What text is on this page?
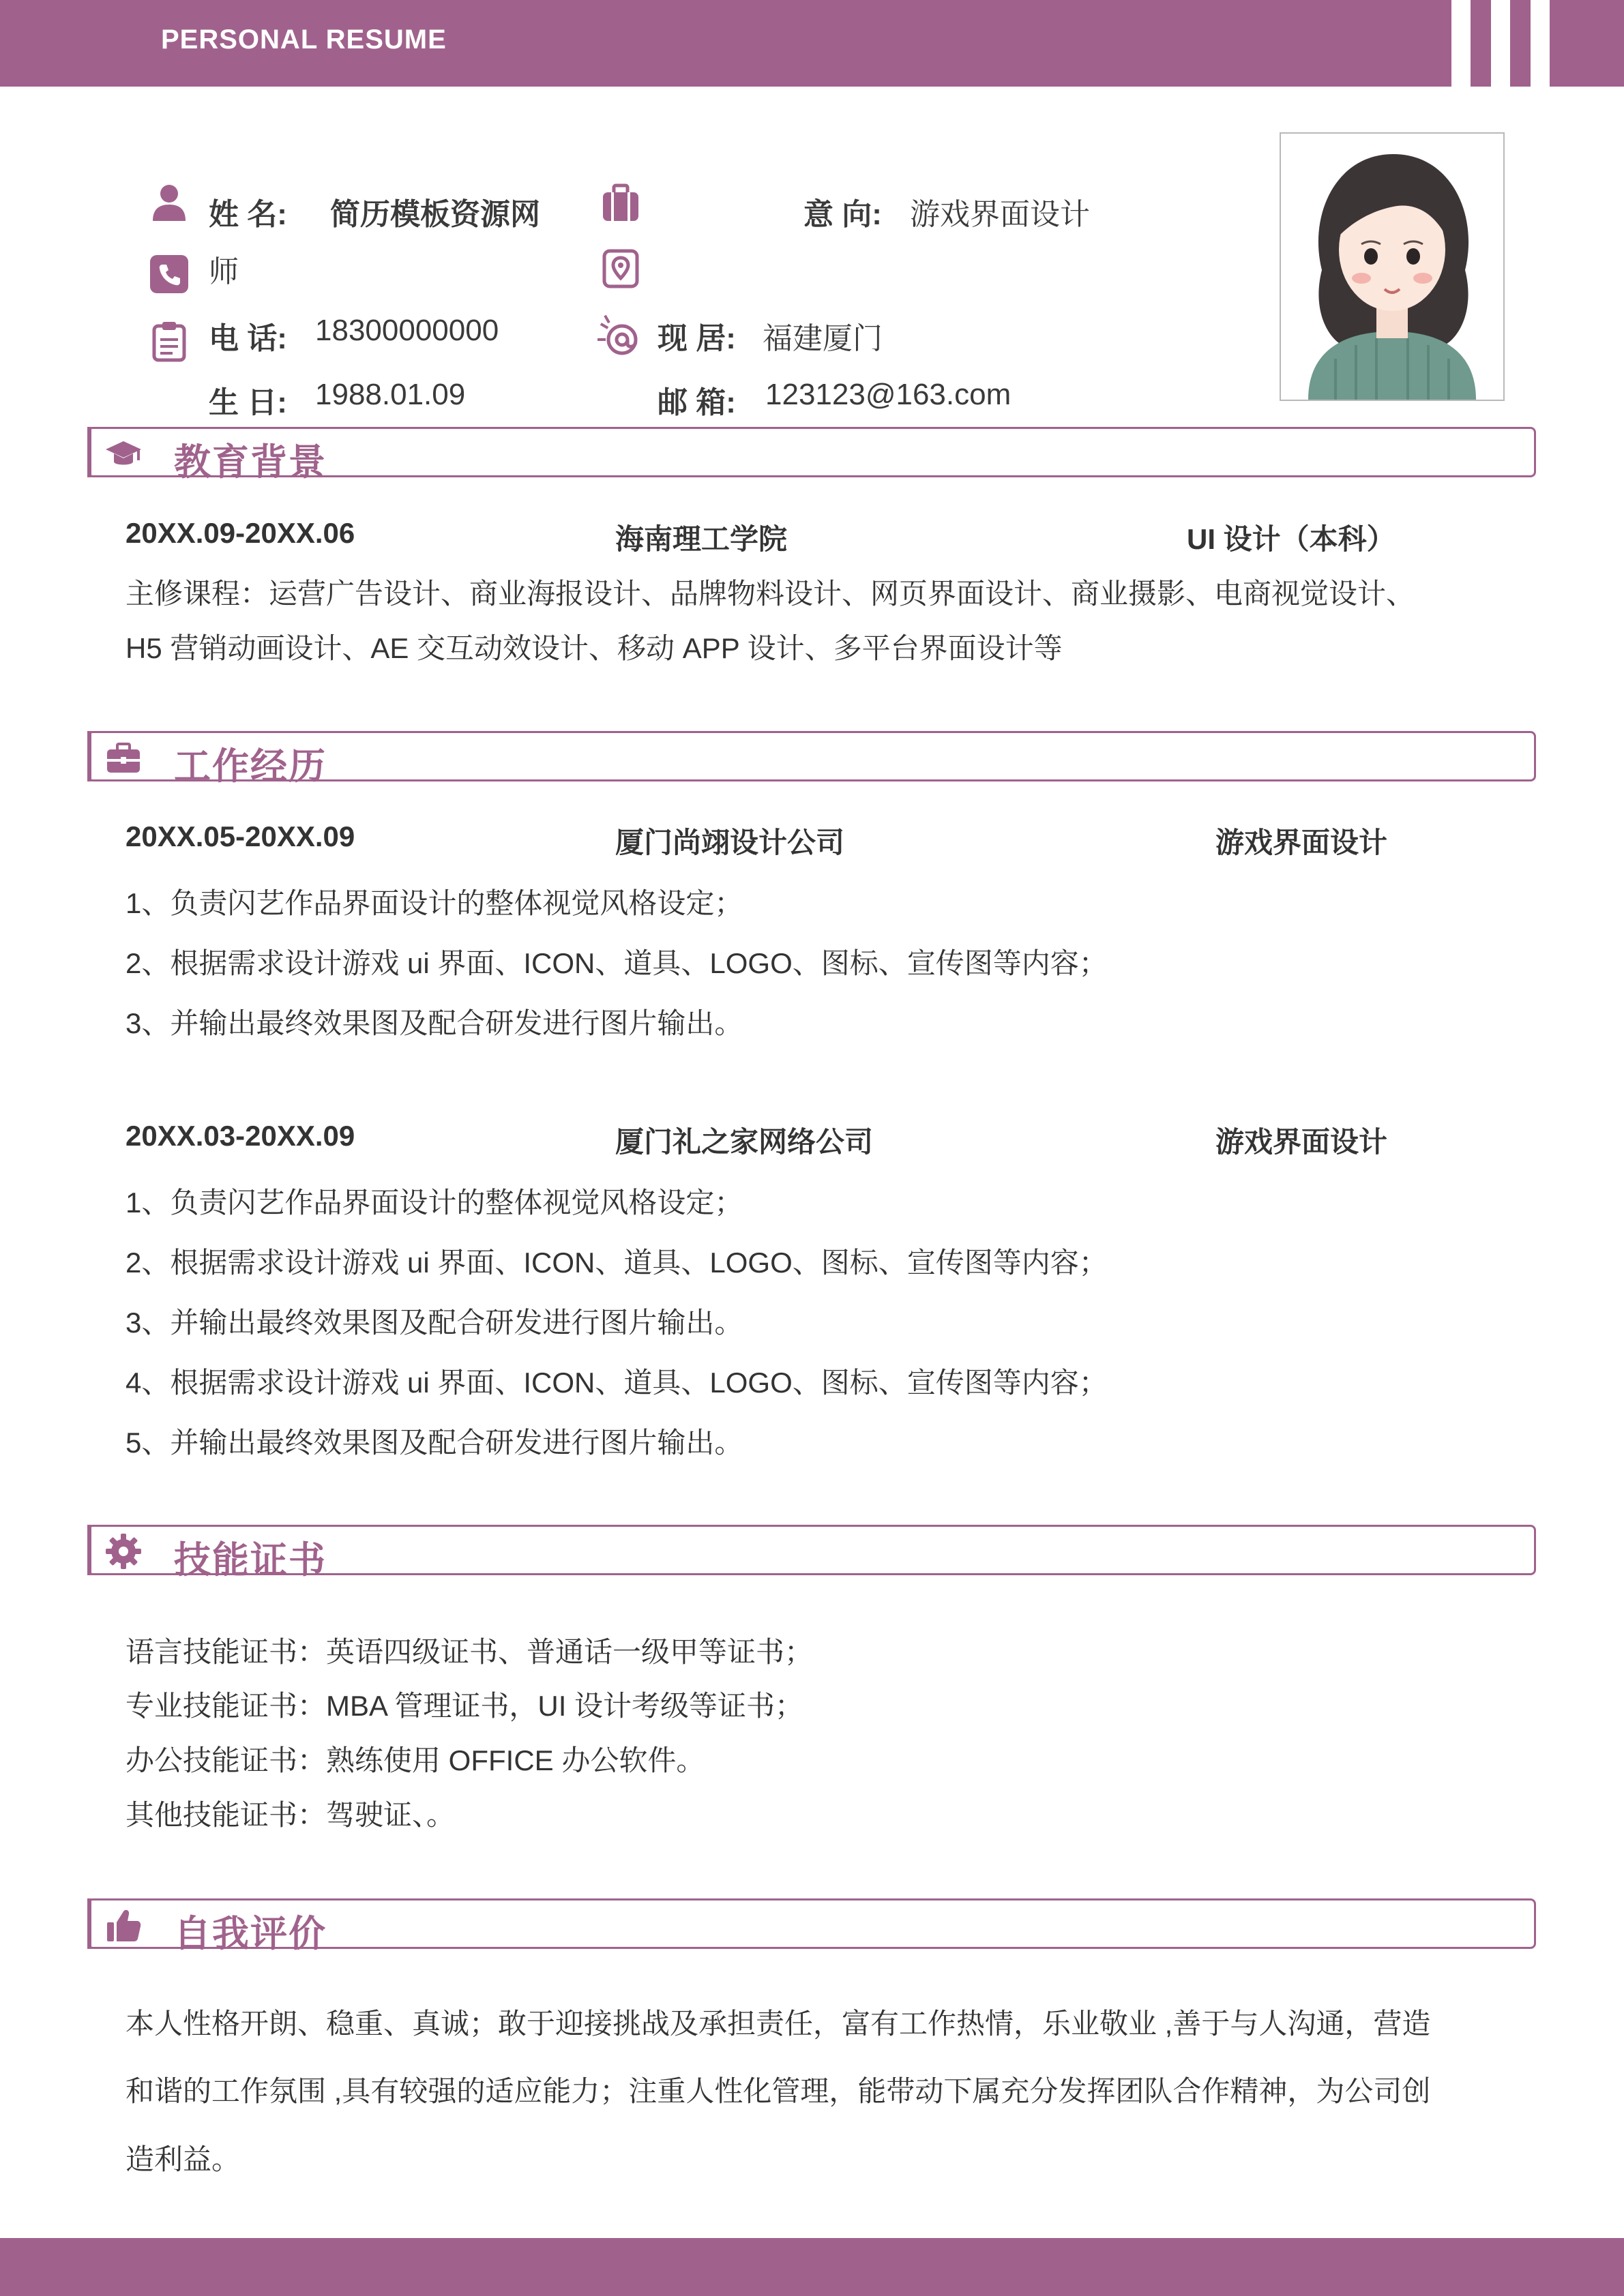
PERSONAL RESUME
姓 名: 简历模板资源网	意 向: 游戏界面设计
师
电 话: 18300000000	现 居: 福建厦门
生 日: 1988.01.09	邮 箱: 123123@163.com
教育背景
20XX.09-20XX.06	海南理工学院	UI 设计（本科）
主修课程：运营广告设计、商业海报设计、品牌物料设计、网页界面设计、商业摄影、电商视觉设计、
H5 营销动画设计、AE 交互动效设计、移动 APP 设计、多平台界面设计等
工作经历
20XX.05-20XX.09	厦门尚翊设计公司	游戏界面设计
1、负责闪艺作品界面设计的整体视觉风格设定；
2、根据需求设计游戏 ui 界面、ICON、道具、LOGO、图标、宣传图等内容；
3、并输出最终效果图及配合研发进行图片输出。
20XX.03-20XX.09	厦门礼之家网络公司	游戏界面设计
1、负责闪艺作品界面设计的整体视觉风格设定；
2、根据需求设计游戏 ui 界面、ICON、道具、LOGO、图标、宣传图等内容；
3、并输出最终效果图及配合研发进行图片输出。
4、根据需求设计游戏 ui 界面、ICON、道具、LOGO、图标、宣传图等内容；
5、并输出最终效果图及配合研发进行图片输出。
技能证书
语言技能证书：英语四级证书、普通话一级甲等证书；
专业技能证书：MBA 管理证书，UI 设计考级等证书；
办公技能证书：熟练使用 OFFICE 办公软件。
其他技能证书：驾驶证、。
自我评价
本人性格开朗、稳重、真诚；敢于迎接挑战及承担责任，富有工作热情，乐业敬业 ,善于与人沟通，营造
和谐的工作氛围 ,具有较强的适应能力；注重人性化管理，能带动下属充分发挥团队合作精神，为公司创
造利益。
